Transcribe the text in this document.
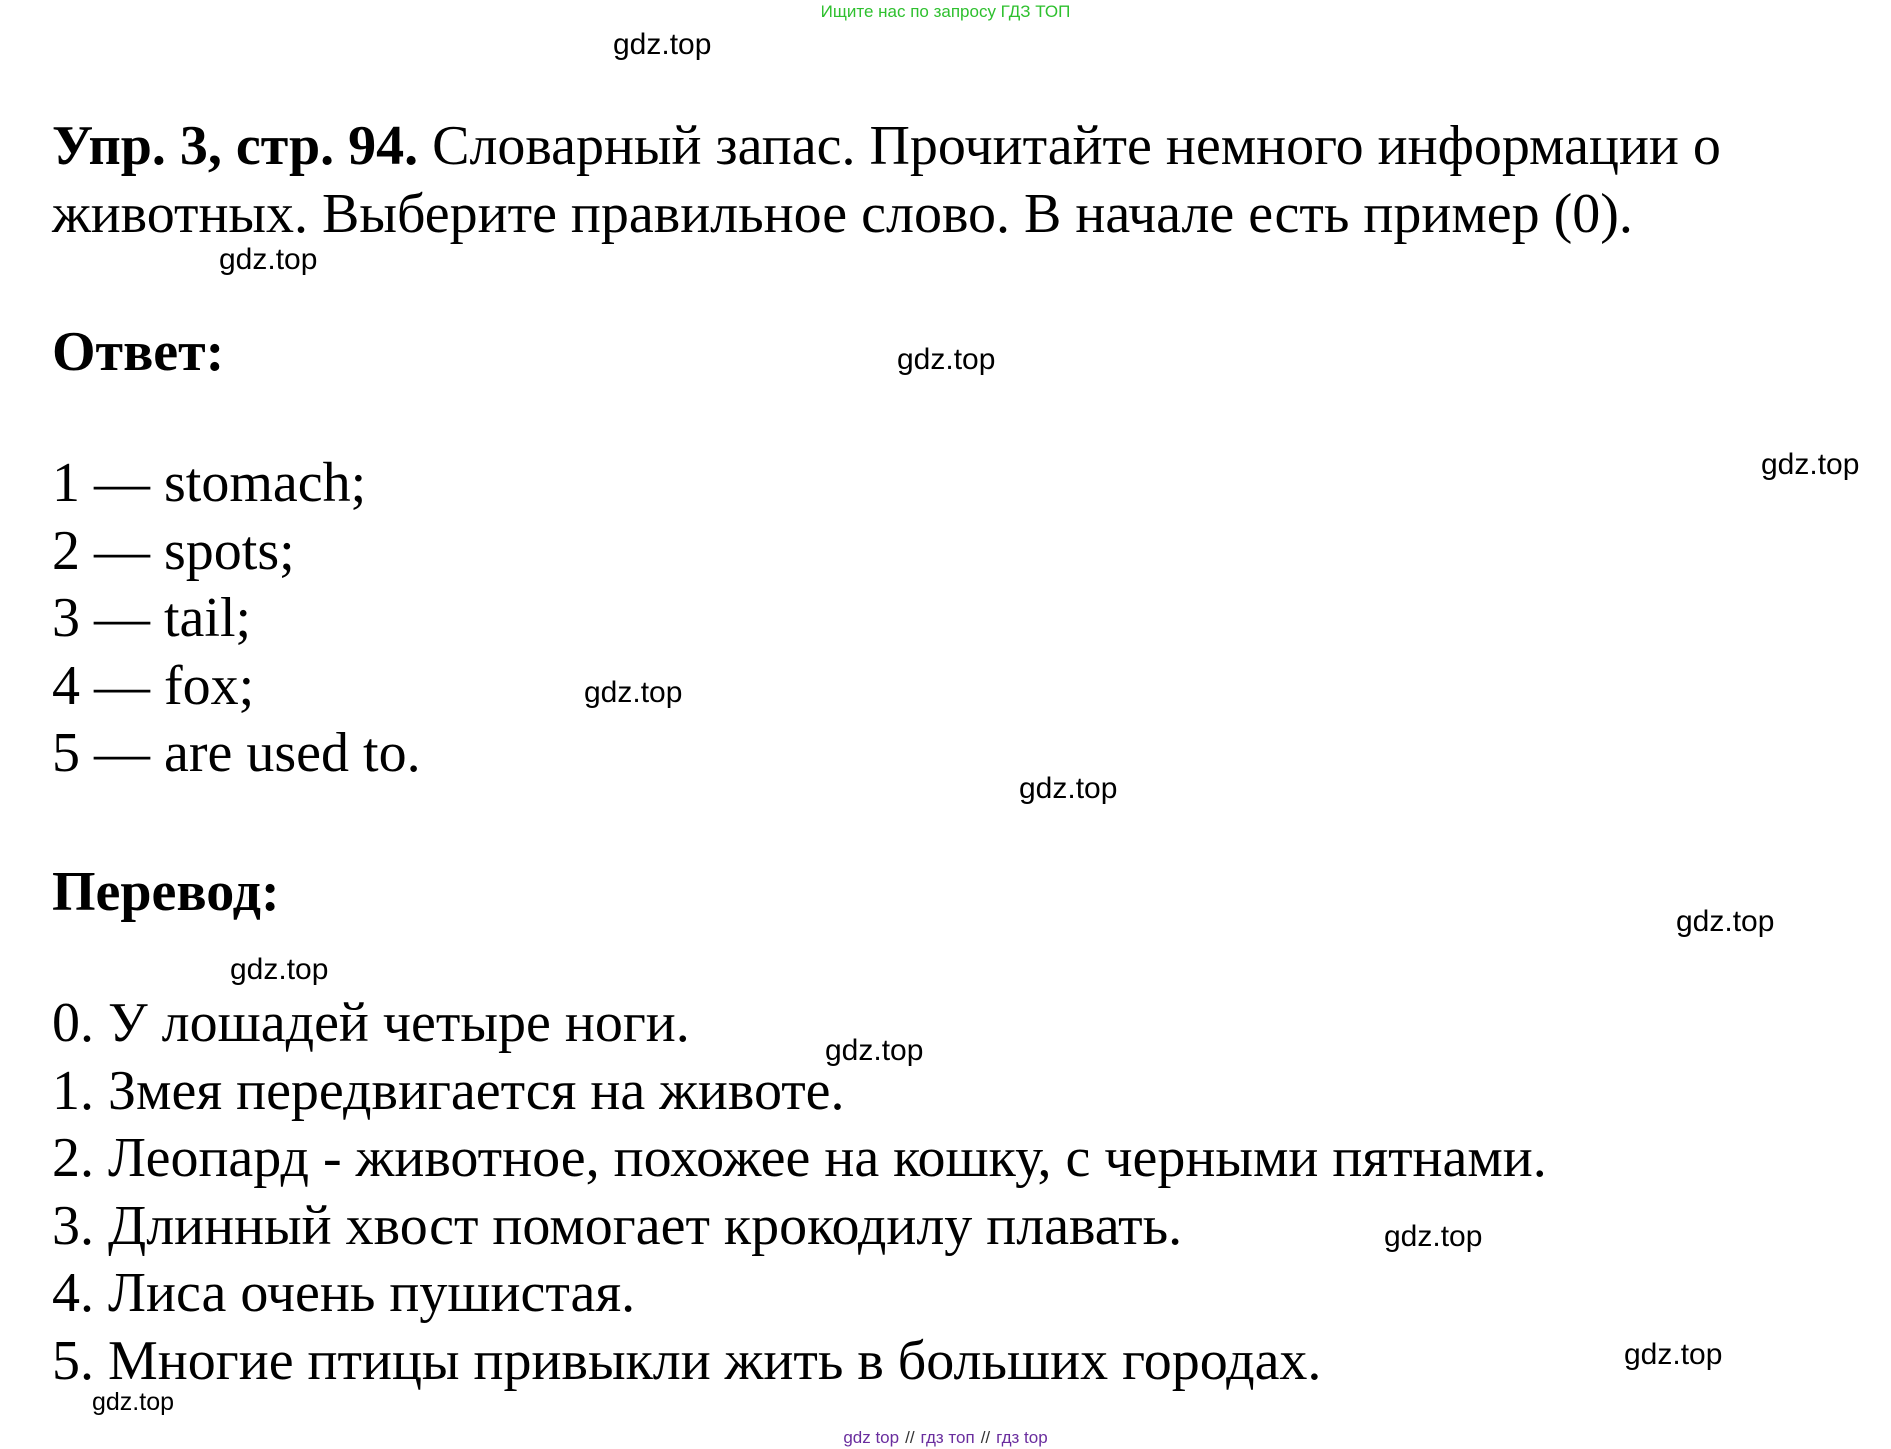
Ищите нас по запросу ГДЗ ТОП
gdz.top
gdz.top
gdz.top
gdz.top
gdz.top
gdz.top
gdz.top
gdz.top
gdz.top
gdz.top
gdz.top
gdz.top
Упр. 3, стр. 94. Словарный запас. Прочитайте немного информации о животных. Выберите правильное слово. В начале есть пример (0).
Ответ:
1 — stomach;
2 — spots;
3 — tail;
4 — fox;
5 — are used to.
Перевод:
0. У лошадей четыре ноги.
1. Змея передвигается на животе.
2. Леопард - животное, похожее на кошку, с черными пятнами.
3. Длинный хвост помогает крокодилу плавать.
4. Лиса очень пушистая.
5. Многие птицы привыкли жить в больших городах.
gdz top // гдз топ // гдз top
